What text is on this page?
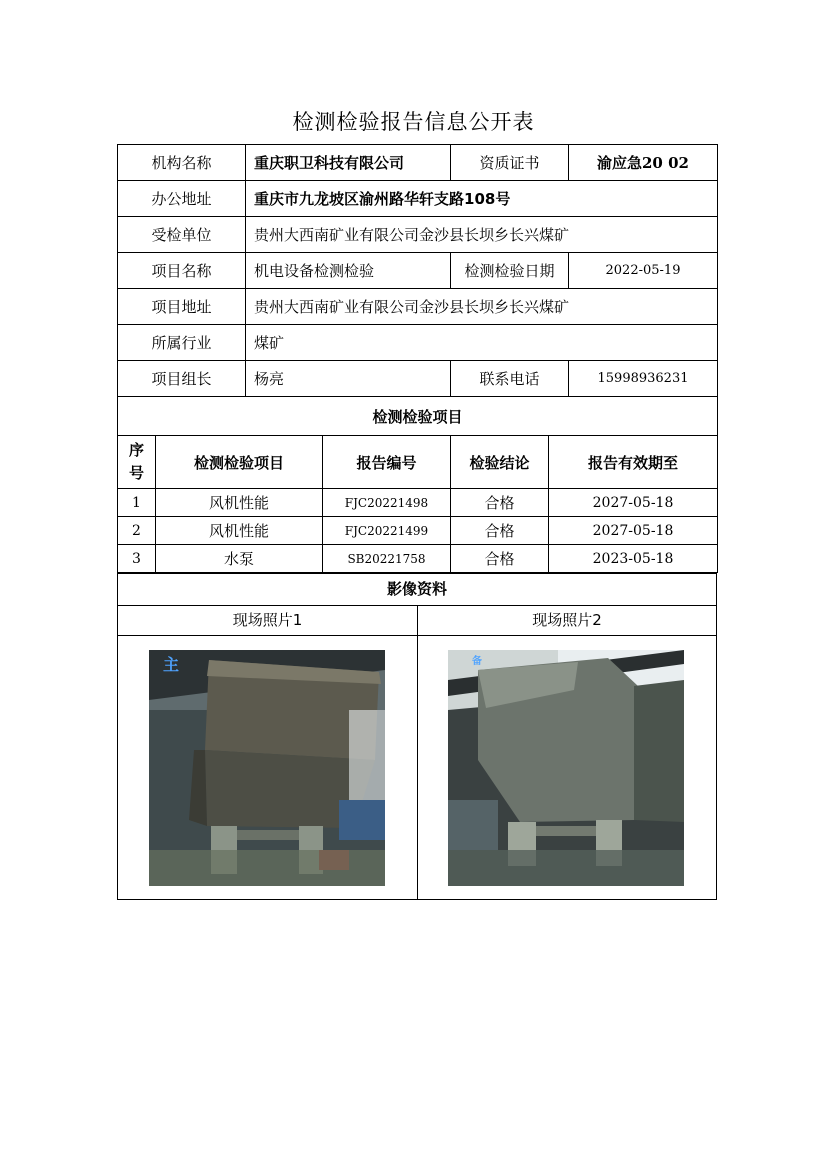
检测检验报告信息公开表
机构名称	重庆职卫科技有限公司	资质证书	渝应急20 02
办公地址	重庆市九龙坡区渝州路华轩支路108号		
受检单位	贵州大西南矿业有限公司金沙县长坝乡长兴煤矿		
项目名称	机电设备检测检验	检测检验日期	2022-05-19
项目地址	贵州大西南矿业有限公司金沙县长坝乡长兴煤矿		
所属行业	煤矿		
项目组长	杨亮	联系电话	15998936231
检测检验项目				
序号	检测检验项目	报告编号	检验结论	报告有效期至
1	风机性能	FJC20221498	合格	2027-05-18
2	风机性能	FJC20221499	合格	2027-05-18
3	水泵	SB20221758	合格	2023-05-18
影像资料
现场照片1	现场照片2
主	备
